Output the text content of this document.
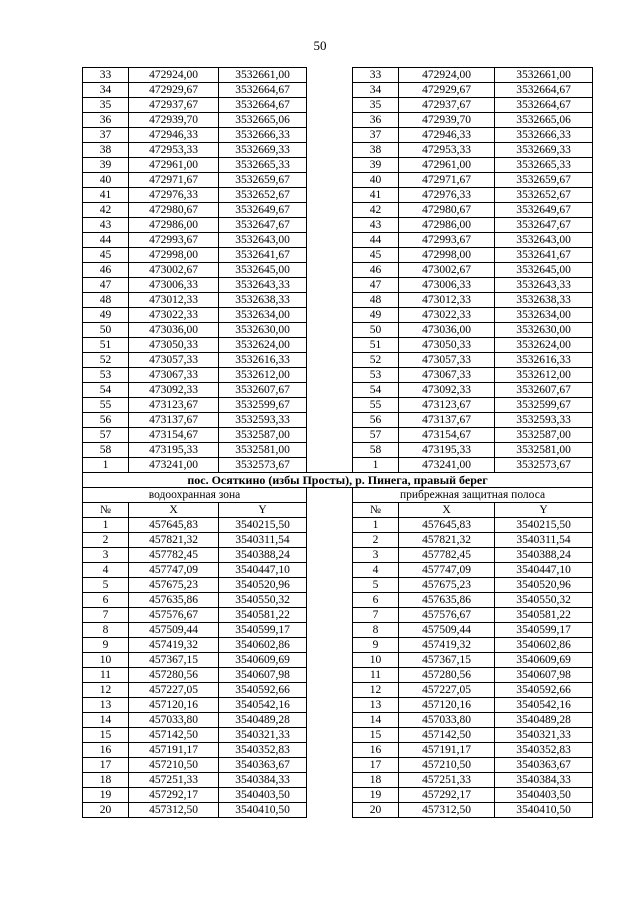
50
33	472924,00	3532661,00		33	472924,00	3532661,00
34	472929,67	3532664,67		34	472929,67	3532664,67
35	472937,67	3532664,67		35	472937,67	3532664,67
36	472939,70	3532665,06		36	472939,70	3532665,06
37	472946,33	3532666,33		37	472946,33	3532666,33
38	472953,33	3532669,33		38	472953,33	3532669,33
39	472961,00	3532665,33		39	472961,00	3532665,33
40	472971,67	3532659,67		40	472971,67	3532659,67
41	472976,33	3532652,67		41	472976,33	3532652,67
42	472980,67	3532649,67		42	472980,67	3532649,67
43	472986,00	3532647,67		43	472986,00	3532647,67
44	472993,67	3532643,00		44	472993,67	3532643,00
45	472998,00	3532641,67		45	472998,00	3532641,67
46	473002,67	3532645,00		46	473002,67	3532645,00
47	473006,33	3532643,33		47	473006,33	3532643,33
48	473012,33	3532638,33		48	473012,33	3532638,33
49	473022,33	3532634,00		49	473022,33	3532634,00
50	473036,00	3532630,00		50	473036,00	3532630,00
51	473050,33	3532624,00		51	473050,33	3532624,00
52	473057,33	3532616,33		52	473057,33	3532616,33
53	473067,33	3532612,00		53	473067,33	3532612,00
54	473092,33	3532607,67		54	473092,33	3532607,67
55	473123,67	3532599,67		55	473123,67	3532599,67
56	473137,67	3532593,33		56	473137,67	3532593,33
57	473154,67	3532587,00		57	473154,67	3532587,00
58	473195,33	3532581,00		58	473195,33	3532581,00
1	473241,00	3532573,67		1	473241,00	3532573,67
пос. Осяткино (избы Просты), р. Пинега, правый берег						
водоохранная зона				прибрежная защитная полоса		
№	X	Y		№	X	Y
1	457645,83	3540215,50		1	457645,83	3540215,50
2	457821,32	3540311,54		2	457821,32	3540311,54
3	457782,45	3540388,24		3	457782,45	3540388,24
4	457747,09	3540447,10		4	457747,09	3540447,10
5	457675,23	3540520,96		5	457675,23	3540520,96
6	457635,86	3540550,32		6	457635,86	3540550,32
7	457576,67	3540581,22		7	457576,67	3540581,22
8	457509,44	3540599,17		8	457509,44	3540599,17
9	457419,32	3540602,86		9	457419,32	3540602,86
10	457367,15	3540609,69		10	457367,15	3540609,69
11	457280,56	3540607,98		11	457280,56	3540607,98
12	457227,05	3540592,66		12	457227,05	3540592,66
13	457120,16	3540542,16		13	457120,16	3540542,16
14	457033,80	3540489,28		14	457033,80	3540489,28
15	457142,50	3540321,33		15	457142,50	3540321,33
16	457191,17	3540352,83		16	457191,17	3540352,83
17	457210,50	3540363,67		17	457210,50	3540363,67
18	457251,33	3540384,33		18	457251,33	3540384,33
19	457292,17	3540403,50		19	457292,17	3540403,50
20	457312,50	3540410,50		20	457312,50	3540410,50
